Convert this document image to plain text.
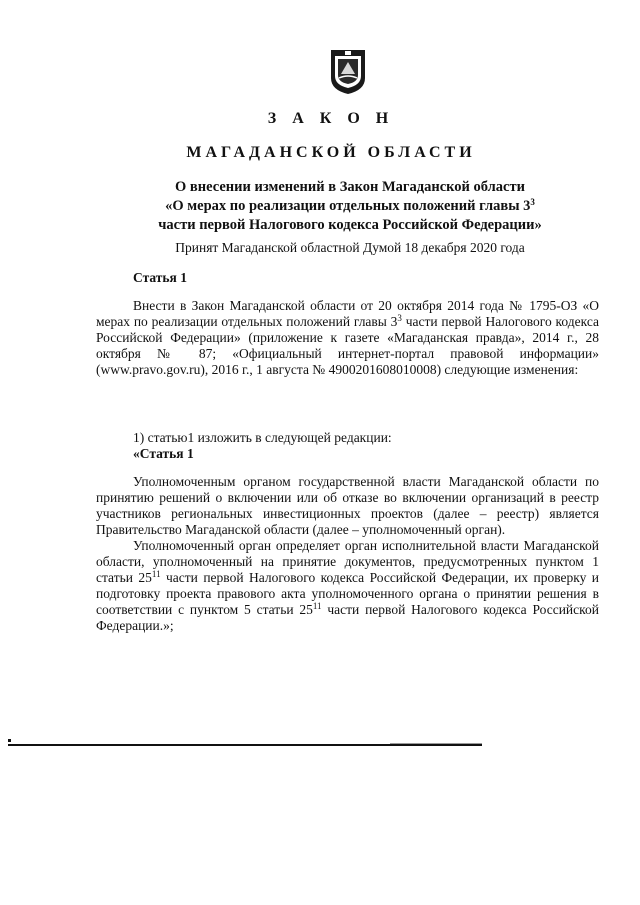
З А К О Н
МАГАДАНСКОЙ ОБЛАСТИ
О внесении изменений в Закон Магаданской области
«О мерах по реализации отдельных положений главы $3^3$
части первой Налогового кодекса Российской Федерации»
Принят Магаданской областной Думой 18 декабря 2020 года
Статья 1

Внести в Закон Магаданской области от 20 октября 2014 года № 1795-ОЗ «О мерах по реализации отдельных положений главы $3^3$ части первой Налогового кодекса Российской Федерации» (приложение к газете «Магаданская правда», 2014 г., 28 октября № 87; «Официальный интернет-портал правовой информации» (www.pravo.gov.ru), 2016 г., 1 августа № 4900201608010008) следующие изменения:

1) статью1 изложить в следующей редакции:

«Статья 1

Уполномоченным органом государственной власти Магаданской области по принятию решений о включении или об отказе во включении организаций в реестр участников региональных инвестиционных проектов (далее – реестр) является Правительство Магаданской области (далее – уполномоченный орган).

Уполномоченный орган определяет орган исполнительной власти Магаданской области, уполномоченный на принятие документов, предусмотренных пунктом 1 статьи $25^{11}$ части первой Налогового кодекса Российской Федерации, их проверку и подготовку проекта правового акта уполномоченного органа о принятии решения в соответствии с пунктом 5 статьи $25^{11}$ части первой Налогового кодекса Российской Федерации.»;
